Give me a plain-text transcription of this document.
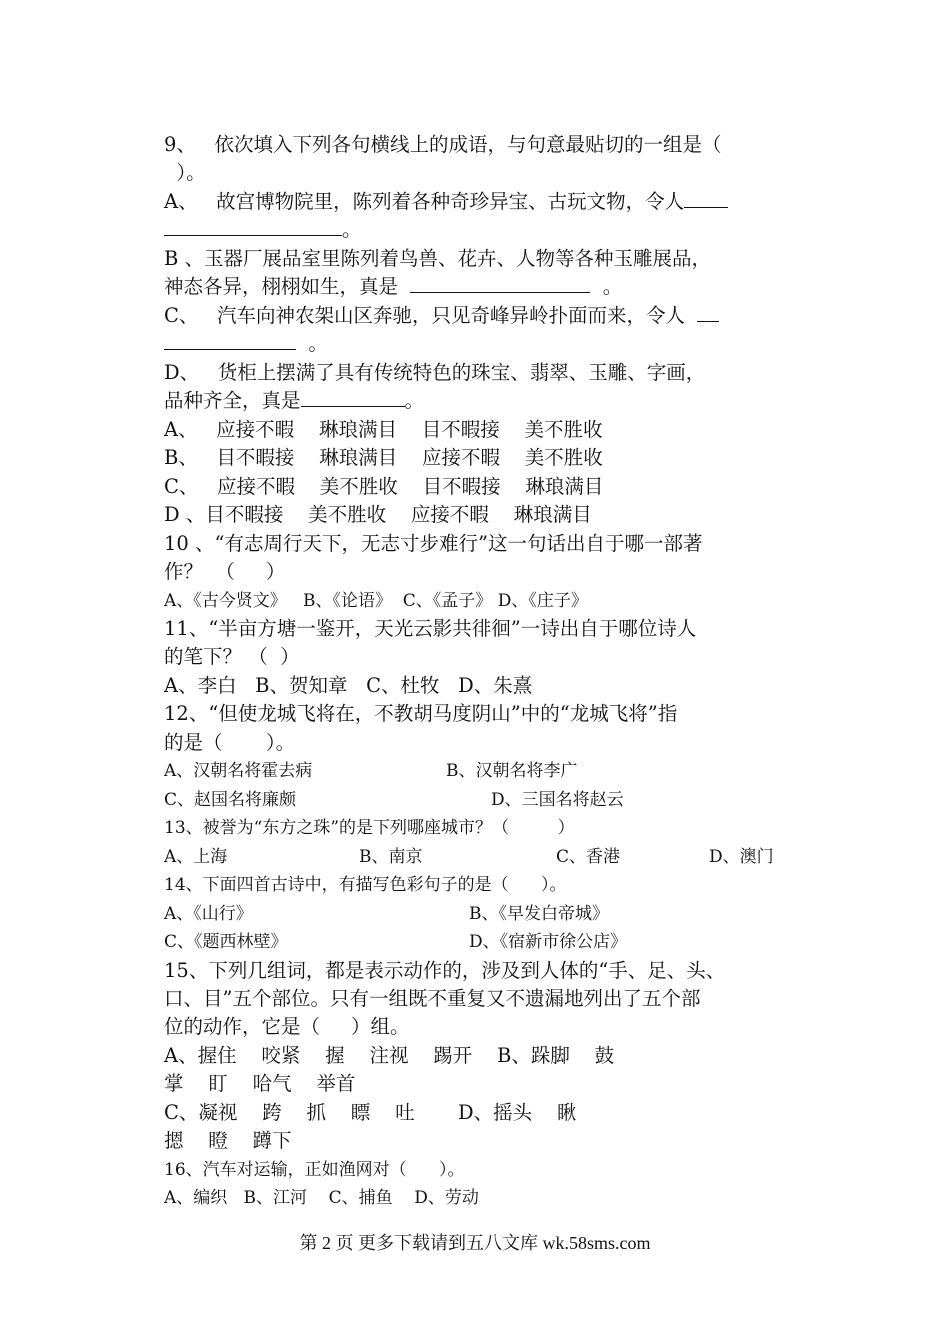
9、   依次填入下列各句横线上的成语，与句意最贴切的一组是（
）。
A、   故宫博物院里，陈列着各种奇珍异宝、古玩文物，令人
。
B 、玉器厂展品室里陈列着鸟兽、花卉、人物等各种玉雕展品，
神态各异，栩栩如生，真是	。
C、   汽车向神农架山区奔驰，只见奇峰异岭扑面而来，令人
。
D、   货柜上摆满了具有传统特色的珠宝、翡翠、玉雕、字画，
品种齐全，真是	。
A、   应接不暇    琳琅满目    目不暇接    美不胜收
B、   目不暇接    琳琅满目    应接不暇    美不胜收
C、   应接不暇    美不胜收    目不暇接    琳琅满目
D 、目不暇接    美不胜收    应接不暇    琳琅满目
10 、“有志周行天下，无志寸步难行”这一句话出自于哪一部著
作？  （     ）
A、《古今贤文》   B、《论语》  C、《孟子》 D、《庄子》
11、“半亩方塘一鉴开，天光云影共徘徊”一诗出自于哪位诗人
的笔下？ （  ）
A、李白   B、贺知章   C、杜牧   D、朱熹
12、“但使龙城飞将在，不教胡马度阴山”中的“龙城飞将”指
的是（       ）。
A、汉朝名将霍去病	B、汉朝名将李广
C、赵国名将廉颇	D、三国名将赵云
13、被誉为“东方之珠”的是下列哪座城市？（         ）
A、上海	B、南京	C、香港	D、澳门
14、下面四首古诗中，有描写色彩句子的是（      ）。
A、《山行》	B、《早发白帝城》
C、《题西林壁》	D、《宿新市徐公店》
15、下列几组词，都是表示动作的，涉及到人体的“手、足、头、
口、目”五个部位。只有一组既不重复又不遗漏地列出了五个部
位的动作，它是（     ）组。
A、握住    咬紧    握    注视    踢开    B、跺脚    鼓
掌    盯    哈气    举首
C、凝视    跨    抓    瞟    吐       D、摇头    瞅
摁    瞪    蹲下
16、汽车对运输，正如渔网对（      ）。
A、编织   B、江河    C、捕鱼    D、劳动
第 2 页 更多下载请到五八文库 wk.58sms.com
